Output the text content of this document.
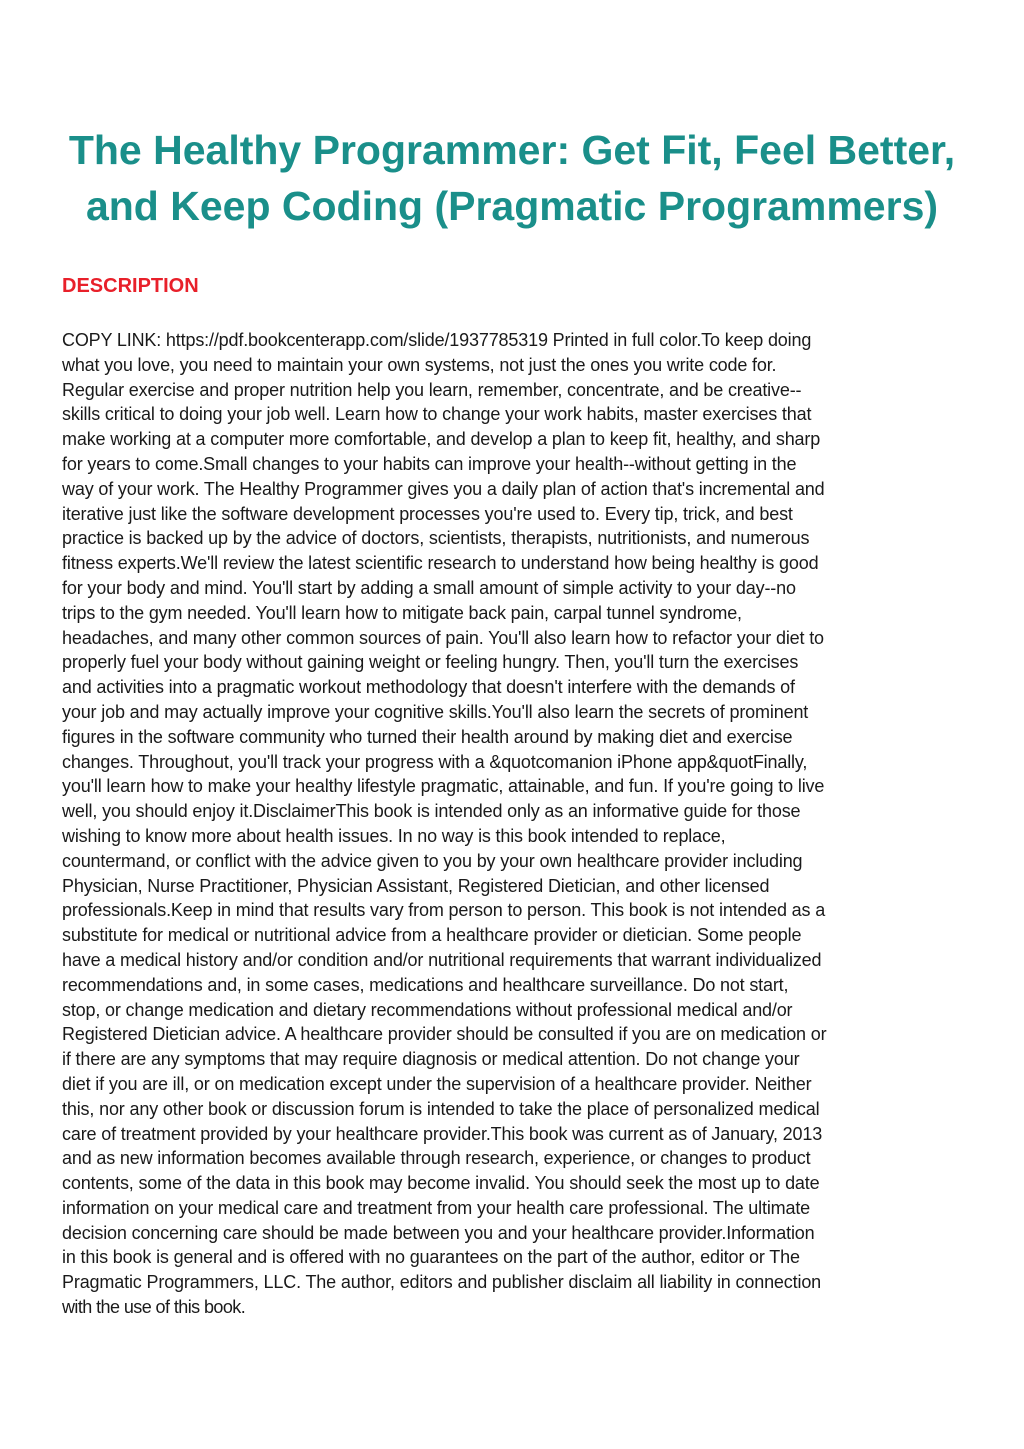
The Healthy Programmer: Get Fit, Feel Better,
and Keep Coding (Pragmatic Programmers)
DESCRIPTION
COPY LINK: https://pdf.bookcenterapp.com/slide/1937785319 Printed in full color.To keep doing
what you love, you need to maintain your own systems, not just the ones you write code for.
Regular exercise and proper nutrition help you learn, remember, concentrate, and be creative--
skills critical to doing your job well. Learn how to change your work habits, master exercises that
make working at a computer more comfortable, and develop a plan to keep fit, healthy, and sharp
for years to come.Small changes to your habits can improve your health--without getting in the
way of your work. The Healthy Programmer gives you a daily plan of action that's incremental and
iterative just like the software development processes you're used to. Every tip, trick, and best
practice is backed up by the advice of doctors, scientists, therapists, nutritionists, and numerous
fitness experts.We'll review the latest scientific research to understand how being healthy is good
for your body and mind. You'll start by adding a small amount of simple activity to your day--no
trips to the gym needed. You'll learn how to mitigate back pain, carpal tunnel syndrome,
headaches, and many other common sources of pain. You'll also learn how to refactor your diet to
properly fuel your body without gaining weight or feeling hungry. Then, you'll turn the exercises
and activities into a pragmatic workout methodology that doesn't interfere with the demands of
your job and may actually improve your cognitive skills.You'll also learn the secrets of prominent
figures in the software community who turned their health around by making diet and exercise
changes. Throughout, you'll track your progress with a &quotcomanion iPhone app&quotFinally,
you'll learn how to make your healthy lifestyle pragmatic, attainable, and fun. If you're going to live
well, you should enjoy it.DisclaimerThis book is intended only as an informative guide for those
wishing to know more about health issues. In no way is this book intended to replace,
countermand, or conflict with the advice given to you by your own healthcare provider including
Physician, Nurse Practitioner, Physician Assistant, Registered Dietician, and other licensed
professionals.Keep in mind that results vary from person to person. This book is not intended as a
substitute for medical or nutritional advice from a healthcare provider or dietician. Some people
have a medical history and/or condition and/or nutritional requirements that warrant individualized
recommendations and, in some cases, medications and healthcare surveillance. Do not start,
stop, or change medication and dietary recommendations without professional medical and/or
Registered Dietician advice. A healthcare provider should be consulted if you are on medication or
if there are any symptoms that may require diagnosis or medical attention. Do not change your
diet if you are ill, or on medication except under the supervision of a healthcare provider. Neither
this, nor any other book or discussion forum is intended to take the place of personalized medical
care of treatment provided by your healthcare provider.This book was current as of January, 2013
and as new information becomes available through research, experience, or changes to product
contents, some of the data in this book may become invalid. You should seek the most up to date
information on your medical care and treatment from your health care professional. The ultimate
decision concerning care should be made between you and your healthcare provider.Information
in this book is general and is offered with no guarantees on the part of the author, editor or The
Pragmatic Programmers, LLC. The author, editors and publisher disclaim all liability in connection
with the use of this book.
